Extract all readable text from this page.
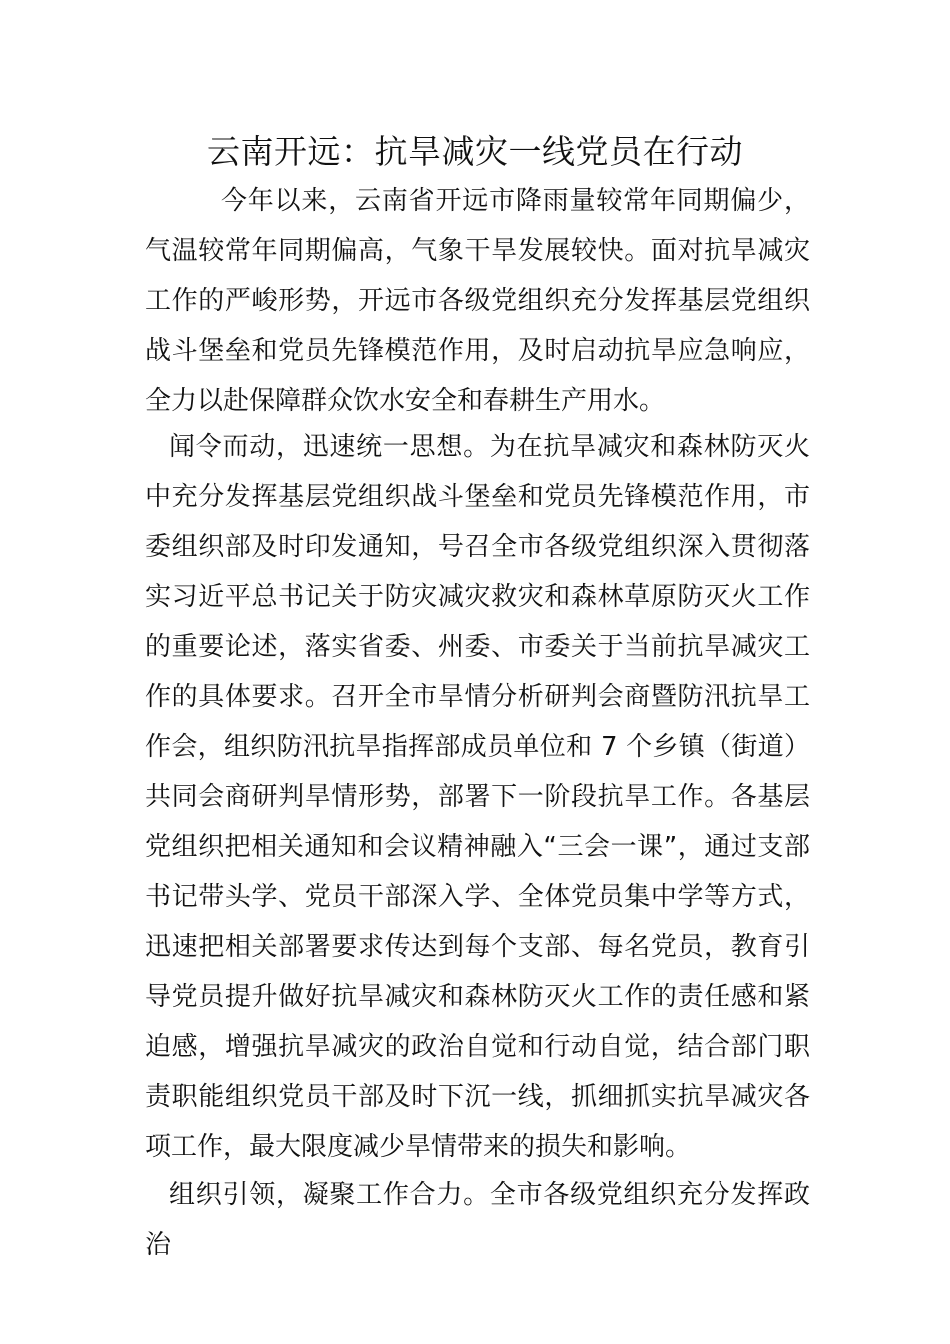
云南开远：抗旱减灾一线党员在行动

今年以来，云南省开远市降雨量较常年同期偏少，气温较常年同期偏高，气象干旱发展较快。面对抗旱减灾工作的严峻形势，开远市各级党组织充分发挥基层党组织战斗堡垒和党员先锋模范作用，及时启动抗旱应急响应，全力以赴保障群众饮水安全和春耕生产用水。

闻令而动，迅速统一思想。为在抗旱减灾和森林防灭火中充分发挥基层党组织战斗堡垒和党员先锋模范作用，市委组织部及时印发通知，号召全市各级党组织深入贯彻落实习近平总书记关于防灾减灾救灾和森林草原防灭火工作的重要论述，落实省委、州委、市委关于当前抗旱减灾工作的具体要求。召开全市旱情分析研判会商暨防汛抗旱工作会，组织防汛抗旱指挥部成员单位和 7 个乡镇（街道）共同会商研判旱情形势，部署下一阶段抗旱工作。各基层党组织把相关通知和会议精神融入“三会一课”，通过支部书记带头学、党员干部深入学、全体党员集中学等方式，迅速把相关部署要求传达到每个支部、每名党员，教育引导党员提升做好抗旱减灾和森林防灭火工作的责任感和紧迫感，增强抗旱减灾的政治自觉和行动自觉，结合部门职责职能组织党员干部及时下沉一线，抓细抓实抗旱减灾各项工作，最大限度减少旱情带来的损失和影响。

组织引领，凝聚工作合力。全市各级党组织充分发挥政治
